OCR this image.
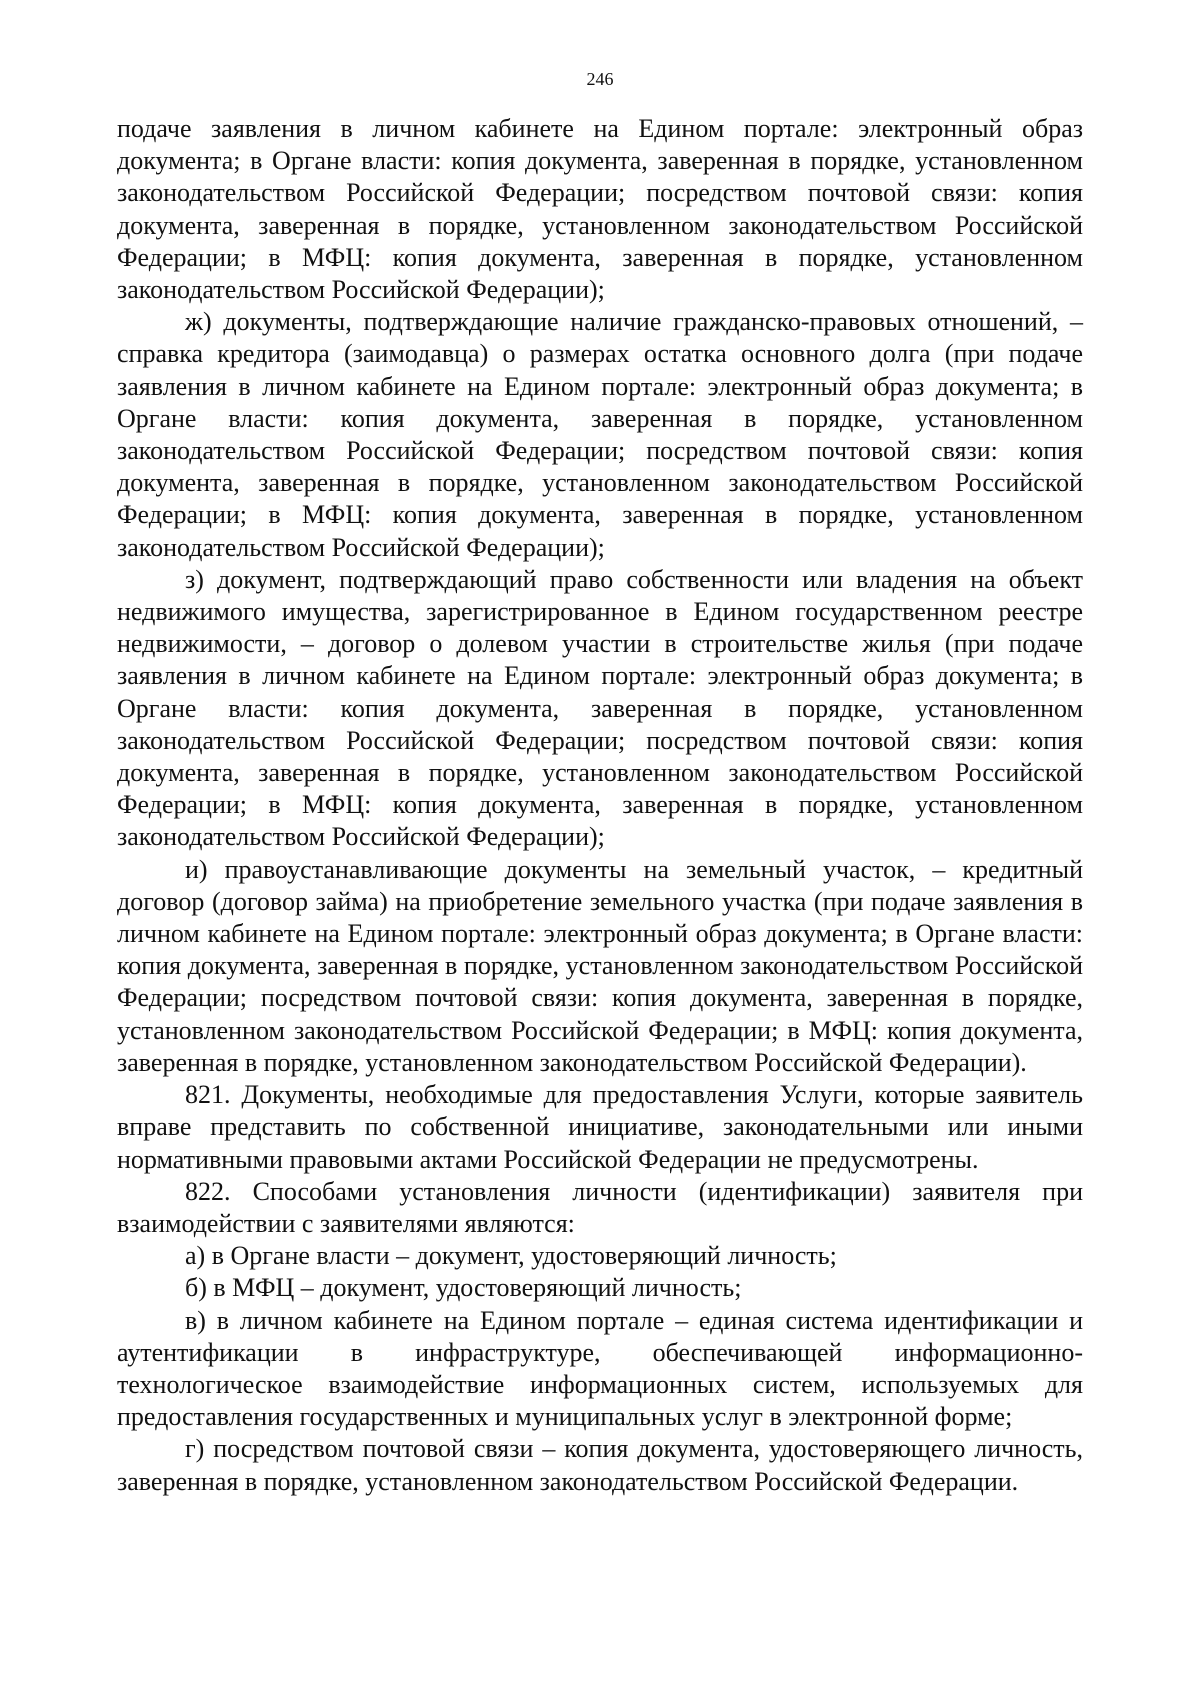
246

подаче заявления в личном кабинете на Едином портале: электронный образ документа; в Органе власти: копия документа, заверенная в порядке, установленном законодательством Российской Федерации; посредством почтовой связи: копия документа, заверенная в порядке, установленном законодательством Российской Федерации; в МФЦ: копия документа, заверенная в порядке, установленном законодательством Российской Федерации);

ж) документы, подтверждающие наличие гражданско-правовых отношений, – справка кредитора (заимодавца) о размерах остатка основного долга (при подаче заявления в личном кабинете на Едином портале: электронный образ документа; в Органе власти: копия документа, заверенная в порядке, установленном законодательством Российской Федерации; посредством почтовой связи: копия документа, заверенная в порядке, установленном законодательством Российской Федерации; в МФЦ: копия документа, заверенная в порядке, установленном законодательством Российской Федерации);

з) документ, подтверждающий право собственности или владения на объект недвижимого имущества, зарегистрированное в Едином государственном реестре недвижимости, – договор о долевом участии в строительстве жилья (при подаче заявления в личном кабинете на Едином портале: электронный образ документа; в Органе власти: копия документа, заверенная в порядке, установленном законодательством Российской Федерации; посредством почтовой связи: копия документа, заверенная в порядке, установленном законодательством Российской Федерации; в МФЦ: копия документа, заверенная в порядке, установленном законодательством Российской Федерации);

и) правоустанавливающие документы на земельный участок, – кредитный договор (договор займа) на приобретение земельного участка (при подаче заявления в личном кабинете на Едином портале: электронный образ документа; в Органе власти: копия документа, заверенная в порядке, установленном законодательством Российской Федерации; посредством почтовой связи: копия документа, заверенная в порядке, установленном законодательством Российской Федерации; в МФЦ: копия документа, заверенная в порядке, установленном законодательством Российской Федерации).

821. Документы, необходимые для предоставления Услуги, которые заявитель вправе представить по собственной инициативе, законодательными или иными нормативными правовыми актами Российской Федерации не предусмотрены.

822. Способами установления личности (идентификации) заявителя при взаимодействии с заявителями являются:

а) в Органе власти – документ, удостоверяющий личность;

б) в МФЦ – документ, удостоверяющий личность;

в) в личном кабинете на Едином портале – единая система идентификации и аутентификации в инфраструктуре, обеспечивающей информационно-технологическое взаимодействие информационных систем, используемых для предоставления государственных и муниципальных услуг в электронной форме;

г) посредством почтовой связи – копия документа, удостоверяющего личность, заверенная в порядке, установленном законодательством Российской Федерации.
